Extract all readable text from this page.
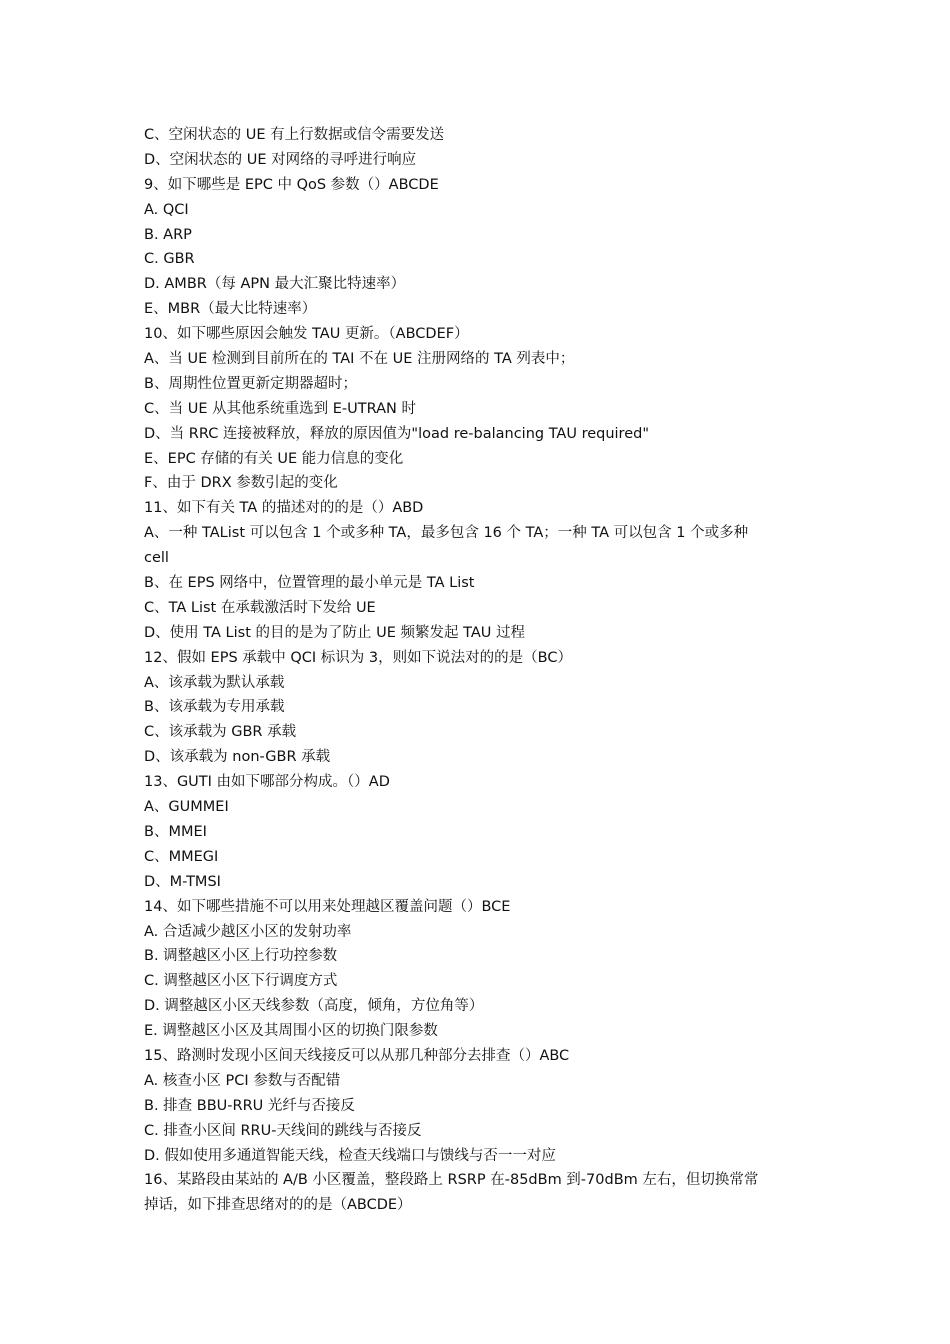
C、空闲状态的 UE 有上行数据或信令需要发送
D、空闲状态的 UE 对网络的寻呼进行响应
9、如下哪些是 EPC 中 QoS 参数（）ABCDE
A. QCI
B. ARP
C. GBR
D. AMBR（每 APN 最大汇聚比特速率）
E、MBR（最大比特速率）
10、如下哪些原因会触发 TAU 更新。（ABCDEF）
A、当 UE 检测到目前所在的 TAI 不在 UE 注册网络的 TA 列表中；
B、周期性位置更新定期器超时；
C、当 UE 从其他系统重选到 E-UTRAN 时
D、当 RRC 连接被释放，释放的原因值为"load re-balancing TAU required"
E、EPC 存储的有关 UE 能力信息的变化
F、由于 DRX 参数引起的变化
11、如下有关 TA 的描述对的的是（）ABD
A、一种 TAList 可以包含 1 个或多种 TA，最多包含 16 个 TA；一种 TA 可以包含 1 个或多种
cell
B、在 EPS 网络中，位置管理的最小单元是 TA List
C、TA List 在承载激活时下发给 UE
D、使用 TA List 的目的是为了防止 UE 频繁发起 TAU 过程
12、假如 EPS 承载中 QCI 标识为 3，则如下说法对的的是（BC）
A、该承载为默认承载
B、该承载为专用承载
C、该承载为 GBR 承载
D、该承载为 non-GBR 承载
13、GUTI 由如下哪部分构成。（）AD
A、GUMMEI
B、MMEI
C、MMEGI
D、M-TMSI
14、如下哪些措施不可以用来处理越区覆盖问题（）BCE
A. 合适减少越区小区的发射功率
B. 调整越区小区上行功控参数
C. 调整越区小区下行调度方式
D. 调整越区小区天线参数（高度，倾角，方位角等）
E. 调整越区小区及其周围小区的切换门限参数
15、路测时发现小区间天线接反可以从那几种部分去排查（）ABC
A. 核查小区 PCI 参数与否配错
B. 排查 BBU-RRU 光纤与否接反
C. 排查小区间 RRU-天线间的跳线与否接反
D. 假如使用多通道智能天线，检查天线端口与馈线与否一一对应
16、某路段由某站的 A/B 小区覆盖，整段路上 RSRP 在-85dBm 到-70dBm 左右，但切换常常
掉话，如下排查思绪对的的是（ABCDE）
